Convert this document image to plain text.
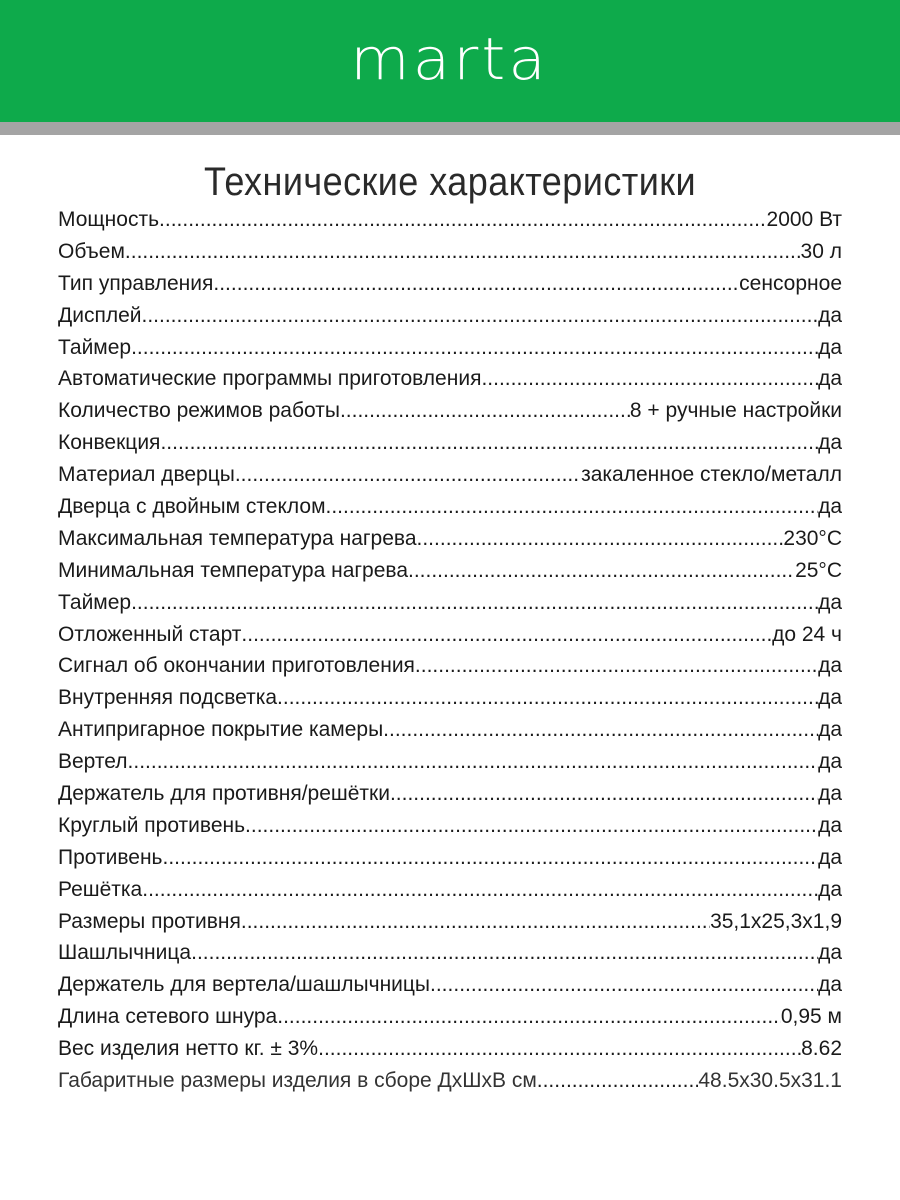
marta
Технические характеристики
Мощность .....	2000 Вт
Объем .....	30 л
Тип управления .....	сенсорное
Дисплей .....	да
Таймер .....	да
Автоматические программы приготовления .....	да
Количество режимов работы .....	8 + ручные настройки
Конвекция .....	да
Материал дверцы .....	закаленное стекло/металл
Дверца с двойным стеклом .....	да
Максимальная температура нагрева .....	230°С
Минимальная температура нагрева .....	25°С
Таймер .....	да
Отложенный старт .....	до 24 ч
Сигнал об окончании приготовления .....	да
Внутренняя подсветка .....	да
Антипригарное покрытие камеры .....	да
Вертел .....	да
Держатель для противня/решётки .....	да
Круглый противень .....	да
Противень .....	да
Решётка .....	да
Размеры противня .....	35,1x25,3x1,9
Шашлычница .....	да
Держатель для вертела/шашлычницы .....	да
Длина сетевого шнура .....	0,95 м
Вес изделия нетто кг. ± 3% .....	8.62
Габаритные размеры изделия в сборе ДхШхВ см .....	48.5x30.5x31.1
